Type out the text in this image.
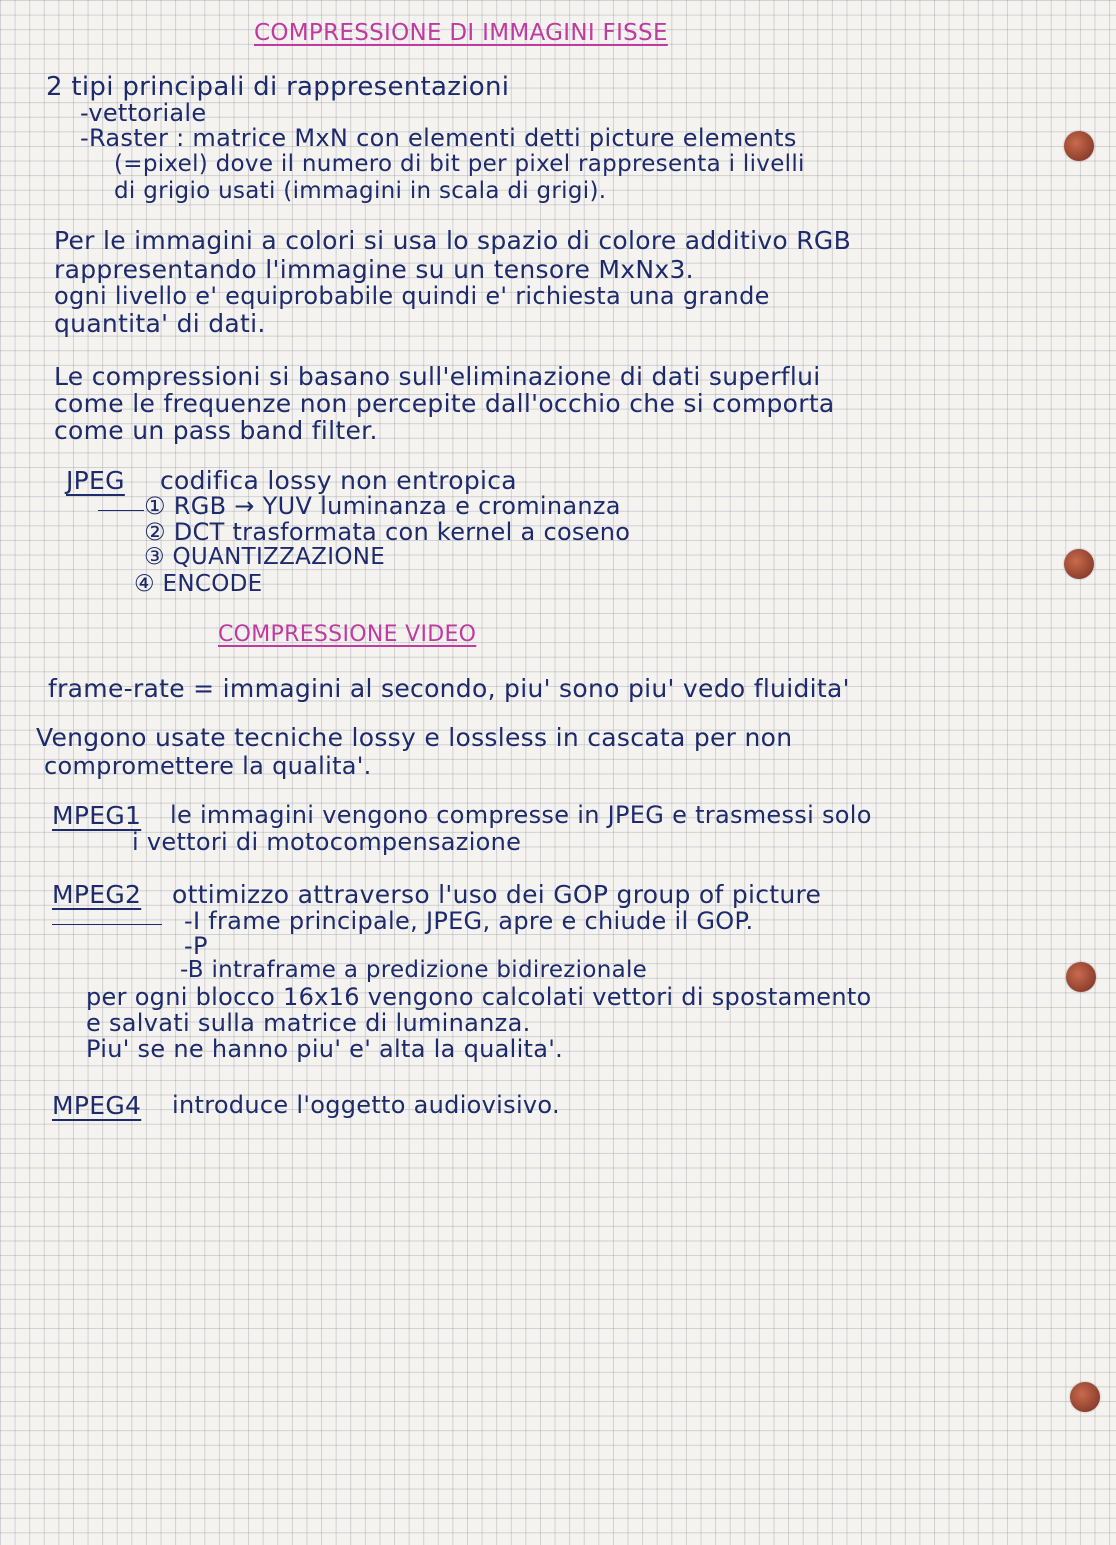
COMPRESSIONE DI IMMAGINI FISSE
2 tipi principali di rappresentazioni
-vettoriale
-Raster : matrice MxN con elementi detti picture elements
(=pixel) dove il numero di bit per pixel rappresenta i livelli
di grigio usati (immagini in scala di grigi).
Per le immagini a colori si usa lo spazio di colore additivo RGB
rappresentando l'immagine su un tensore MxNx3.
ogni livello e' equiprobabile quindi e' richiesta una grande
quantita' di dati.
Le compressioni si basano sull'eliminazione di dati superflui
come le frequenze non percepite dall'occhio che si comporta
come un pass band filter.
JPEG codifica lossy non entropica
① RGB → YUV luminanza e crominanza
② DCT trasformata con kernel a coseno
③ QUANTIZZAZIONE
④ ENCODE
COMPRESSIONE VIDEO
frame-rate = immagini al secondo, piu' sono piu' vedo fluidita'
Vengono usate tecniche lossy e lossless in cascata per non
compromettere la qualita'.
MPEG1 le immagini vengono compresse in JPEG e trasmessi solo
i vettori di motocompensazione
MPEG2 ottimizzo attraverso l'uso dei GOP group of picture
-I frame principale, JPEG, apre e chiude il GOP.
-P
-B intraframe a predizione bidirezionale
per ogni blocco 16x16 vengono calcolati vettori di spostamento
e salvati sulla matrice di luminanza.
Piu' se ne hanno piu' e' alta la qualita'.
MPEG4 introduce l'oggetto audiovisivo.
